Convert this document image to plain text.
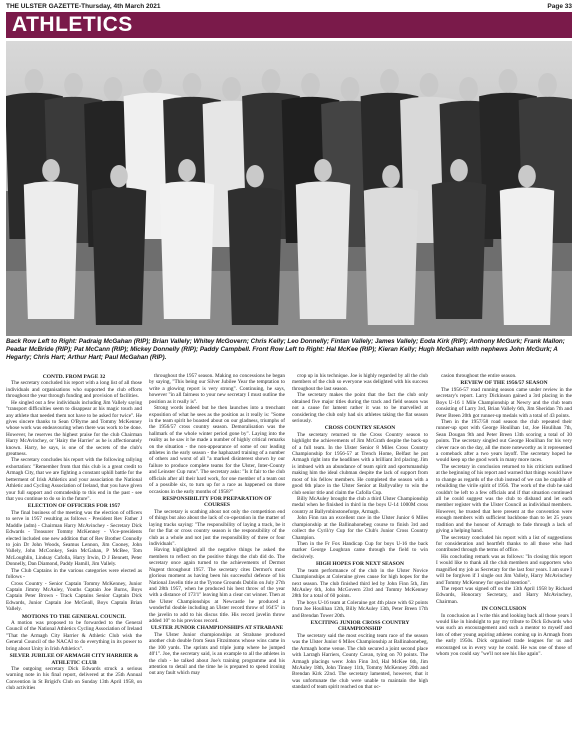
THE ULSTER GAZETTE-Thursday, 4th March 2021	Page 33
ATHLETICS
Back Row Left to Right: Padraig McGahan (RIP); Brian Vallely; Whitey McGovern; Chris Kelly; Leo Donnelly; Fintan Vallely; James Vallely; Eoda Kirk (RIP); Anthony McGurk; Frank Mallon; Peadar McBride (RIP); Pat McCann (RIP); Mickey Donnelly (RIP); Paddy Campbell. Front Row Left to Right: Hal McKee (RIP); Kieran Kelly; Hugh McGahan with nephews John McGurk; A Hegarty; Chris Hart; Arthur Hart; Paul McGahan (RIP).
CONTD. FROM PAGE 32

The secretary concluded his report with a long list of all those individuals and organisations who supported the club efforts throughout the year through funding and provision of facilities.

He singled out a few individuals including Jim Vallely saying "transport difficulties seem to disappear at his magic touch and any athlete that needed them not have to be asked for twice". He gives sincere thanks to Sean O'Byrne and Tommy McKenney whose work was endeavouring when there was work to be done. However, he reserves the highest praise for the club Chairman Harry McAvinchey, or 'Hairy the Harrier' as he is affectionately known. Harry, he says, is one of the secrets of the club's greatness.

The secretary concludes his report with the following rallying exhortation: "Remember from that this club is a great credit to Armagh City, that we are fighting a constant uphill battle for the betterment of Irish Athletics and your association the National Athletic and Cycling Association of Ireland, that you have given your full support and comradeship to this end in the past - see that you continue to do so in the future".

ELECTION OF OFFICERS FOR 1957

The final business of the meeting was the election of officers to serve in 1957 resulting as follows - President Rev Father J Maddle (adm) - Chairman Harry McAvinchey - Secretary Dick Edwards - Treasurer Tommy McKenney - Vice-presidents elected included one new addition that of Rev Brother Connolly to join Dr John Woods, Seamus Lennon, Jim Cooney, John Vallely, John McConkey, Seán McGahan, P McBee, Tom McLoughlin, Lindsay Cafolla, Harry Irwin, D J Bennett, Peter Donnelly, Dan Diamond, Paddy Hamill, Jim Vallely.

The Club Captains in the various categories were elected as follows -

Cross Country - Senior Captain Tommy McKenney, Junior Captain Jimmy McAuley, Youths Captain Joe Burns, Boys Captain Peter Brown - Track Captains Senior Captain Dick Edwards, Junior Captain Joe McGeall, Boys Captain Brian Vallely.

MOTIONS TO THE GENERAL COUNCIL

A motion was proposed to be forwarded to the General Council of the National Athletics Cycling Association of Ireland "That the Armagh City Harrier & Athletic Club wish the General Council of the NACAI to do everything in its power to bring about Unity in Irish Athletics".

SILVER JUBILEE OF ARMAGH CITY HARRIER & ATHLETIC CLUB

The outgoing secretary Dick Edwards struck a serious warning note in his final report, delivered at the 25th Annual Convention in St Brigid's Club on Sunday 13th April 1958, on club activities

throughout the 1957 season. Making no concessions he began by saying, "This being our Silver Jubilee Year the temptation to write a glowing report is very strong". Continuing, he says, however "in all fairness to your new secretary I must outline the position as it really is".

Strong words indeed but he then launches into a trenchant exposition of what he sees as the position as it really is: "Some in the team spirit he boasted about on our gladness, triumphs of the 1956/57 cross country season. Demoralisation was the hallmark of the whole winter period gone by". Laying into the reality as he saw it he made a number of highly critical remarks on the situation - the non-appearance of some of our leading athletes in the early season - the haphazard training of a number of others and worst of all "a marked disinterest shown by our failure to produce complete teams for the Ulster, Inter-County and Leinster Cup runs". The secretary asks: "Is it fair to the club officials after all their hard work, for one member of a team out of a possible six, to turn up for a race as happened on three occasions in the early months of 1958?"

RESPONSIBILITY FOR PREPARATION OF COURSES

The secretary is scathing about not only the competition end of things but also about the lack of co-operation in the matter of laying tracks saying: "The responsibility of laying a track, be it for the flat or cross country season is the responsibility of the club as a whole and not just the responsibility of three or four individuals".

Having highlighted all the negative things he asked the members to reflect on the positive things the club did do. The secretary once again turned to the achievements of Dermot Nugent throughout 1957. The secretary cites Dermot's most glorious moment as having been his successful defence of his National Javelin title at the Tyrone Grounds Dublin on July 27th and 28th 1957, when he produced his best throw of the year with a distance of 173'1" leaving him a clear cut winner. Then at the Ulster Championships at Newcastle he produced a wonderful double including an Ulster record throw of 164'5" in the javelin to add to his discus title. His record javelin throw added 10" to his previous record.

ULSTER JUNIOR CHAMPIONSHIPS AT STRABANE

The Ulster Junior championships at Strabane produced another club double from Sean Fitzsimons whose wins came in the 100 yards. The sprints and triple jump where he jumped 40'1". Joe, the secretary said, is an example to all the athletes in the club - he talked about Joe's training programme and his attention to detail and the time he is prepared to spend ironing out any fault which may

crop up in his technique. Joe is highly regarded by all the club members of the club so everyone was delighted with his success throughout the last season.

The secretary makes the point that the fact the club only obtained five major titles during the track and field season was not a cause for lament rather it was to be marvelled at considering the club only had six athletes taking the flat season seriously.

CROSS COUNTRY SEASON

The secretary returned to the Cross Country season to highlight the achievements of Jim McGrath despite the back-up of a full team. In the Ulster Senior 8 Miles Cross Country Championship for 1956-57 at Trench Home, Belfast he put Armagh right into the headlines with a brilliant 3rd placing. Jim is imbued with an abundance of team spirit and sportsmanship making him the ideal clubman despite the lack of support from most of his fellow members. He completed the season with a good 6th place in the Ulster Senior at Ballyvalley to win the club senior title and claim the Cafolla Cup.

Billy McAuley brought the club a third Ulster Championship medal when he finished in third in the boys U-14 1000M cross country at Ballyrobinstoneforge, Armagh.

John Finn ran an excellent race in the Ulster Junior 6 Miles championship at the Ballinahonebeg course to finish 3rd and collect the Cyril/ry Cup for the Club's Junior Cross Country Champion.

Then in the Fr Fox Handicap Cup for boys U-16 the back marker George Loughran came through the field to win decisively.

HIGH HOPES FOR NEXT SEASON

The team performance of the club in the Ulster Novice Championships at Coleraine gives cause for high hopes for the next season. The club finished third led by John Finn 5th, Jim McAuley 6th, John McGovern 23rd and Tommy McKenney 28th for a total of 60 points.

The boys U-16 team at Coleraine got 4th place with 62 points from Joe Houlihan 12th, Billy McAuley 13th, Peter Breen 17th and Brendan Tower 20th.

EXCITING JUNIOR CROSS COUNTRY CHAMPIONSHIP

The secretary said the most exciting team race of the season was the Ulster Junior 6 Miles Championship at Ballinahonebeg, the Armagh home venue. The club secured a joint second place with Larragh Harriers, County Cavan, tying on 70 points. The Armagh placings were: John Finn 3rd, Hal McKee 6th, Jim McAuley 18th, John Tinney 11th, Tommy McKenney 20th and Brendan Kirk 22nd. The secretary lamented, however, that it was unfortunate the club were unable to maintain the high standard of team spirit reached on that oc-

casion throughout the entire season.

REVIEW OF THE 1956/57 SEASON

The 1956-57 road running season came under review in the secretary's report. Larry Dickinson gained a 3rd placing in the Boys U-16 1 Mile Championship at Newry and the club team consisting of Larry 3rd, Brian Vallely 6th, Jim Sheridan 7th and Peter Breen 20th got runner-up medals with a total of 43 points.

Then in the 1957/58 road season the club repeated their runner-up spot with George Houlihan 1st, Joe Houlihan 7th, Sean Dougan 9th and Peter Breen 13th scoring a total of 30 points. The secretary singled out George Houlihan for his very clever race on the day, all the more noteworthy as it represented a comeback after a two years layoff. The secretary hoped he would keep up the good work in many more races.

The secretary in conclusion returned to his criticism outlined at the beginning of his report and warned that things would have to change as regards of the club instead of we can be capable of rebuilding the virile spirit of 1956. The work of the club he said couldn't be left to a few officials and if that situation continued all he could suggest was the club to disband and let each member register with the Ulster Council as individual members. However, he trusted that here present at the convention were enough members with sufficient backbone than to let 25 years tradition and the honour of Armagh to fade through a lack of giving a helping hand.

The secretary concluded his report with a list of suggestions for consideration and heartfelt thanks to all those who had contributed through the terms of office.

His concluding remark was as follows: "In closing this report I would like to thank all the club members and supporters who magnified my job as Secretary for the last four years. I am sure I will be forgiven if I single out Jim Vallely, Harry McAvinchey and Tommy McKenney for special mention".

The report was signed off on the 13th April 1958 by Richard Edwards, Honorary Secretary, and Harry McAvinchey, Chairman.

IN CONCLUSION

In conclusion as I write this and looking back all those years I would like in hindsight to pay my tribute to Dick Edwards who was such an encouragement and such a mentor to myself and lots of other young aspiring athletes coming up in Armagh from the early 1950s. Dick organised trade leagues for us and encouraged us in every way he could. He was one of those of whom you could say "we'll not see his like again".
